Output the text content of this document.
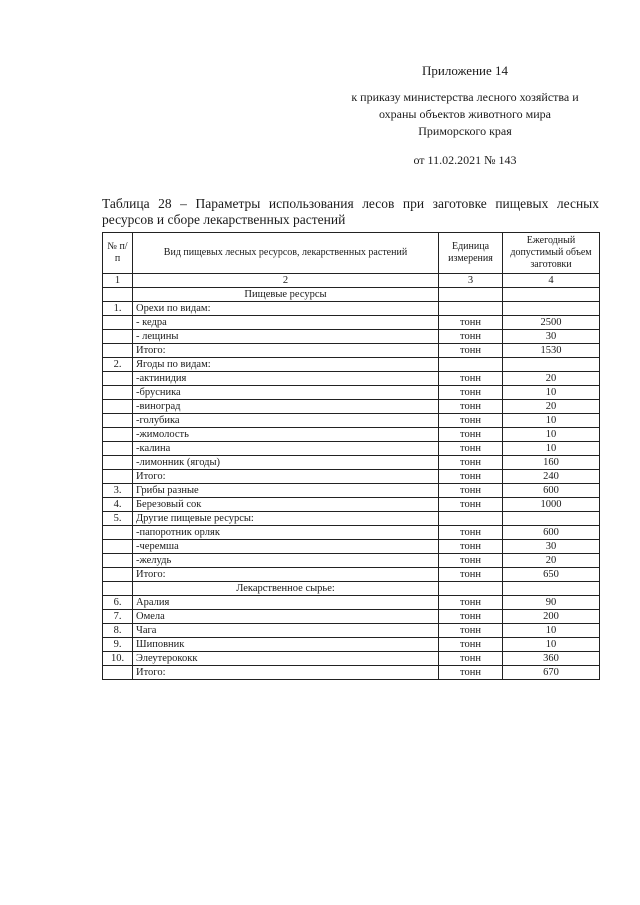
Приложение 14
к приказу министерства лесного хозяйства и
охраны объектов животного мира
Приморского края
от 11.02.2021 № 143
Таблица 28 – Параметры использования лесов при заготовке пищевых лесных ресурсов и сборе лекарственных растений
№ п/п	Вид пищевых лесных ресурсов, лекарственных растений	Единица измерения	Ежегодный допустимый объем заготовки
1	2	3	4
	Пищевые ресурсы		
1.	Орехи по видам:		
	- кедра	тонн	2500
	- лещины	тонн	30
	Итого:	тонн	1530
2.	Ягоды по видам:		
	-актинидия	тонн	20
	-брусника	тонн	10
	-виноград	тонн	20
	-голубика	тонн	10
	-жимолость	тонн	10
	-калина	тонн	10
	-лимонник (ягоды)	тонн	160
	Итого:	тонн	240
3.	Грибы разные	тонн	600
4.	Березовый сок	тонн	1000
5.	Другие пищевые ресурсы:		
	-папоротник орляк	тонн	600
	-черемша	тонн	30
	-желудь	тонн	20
	Итого:	тонн	650
	Лекарственное сырье:		
6.	Аралия	тонн	90
7.	Омела	тонн	200
8.	Чага	тонн	10
9.	Шиповник	тонн	10
10.	Элеутерококк	тонн	360
	Итого:	тонн	670
